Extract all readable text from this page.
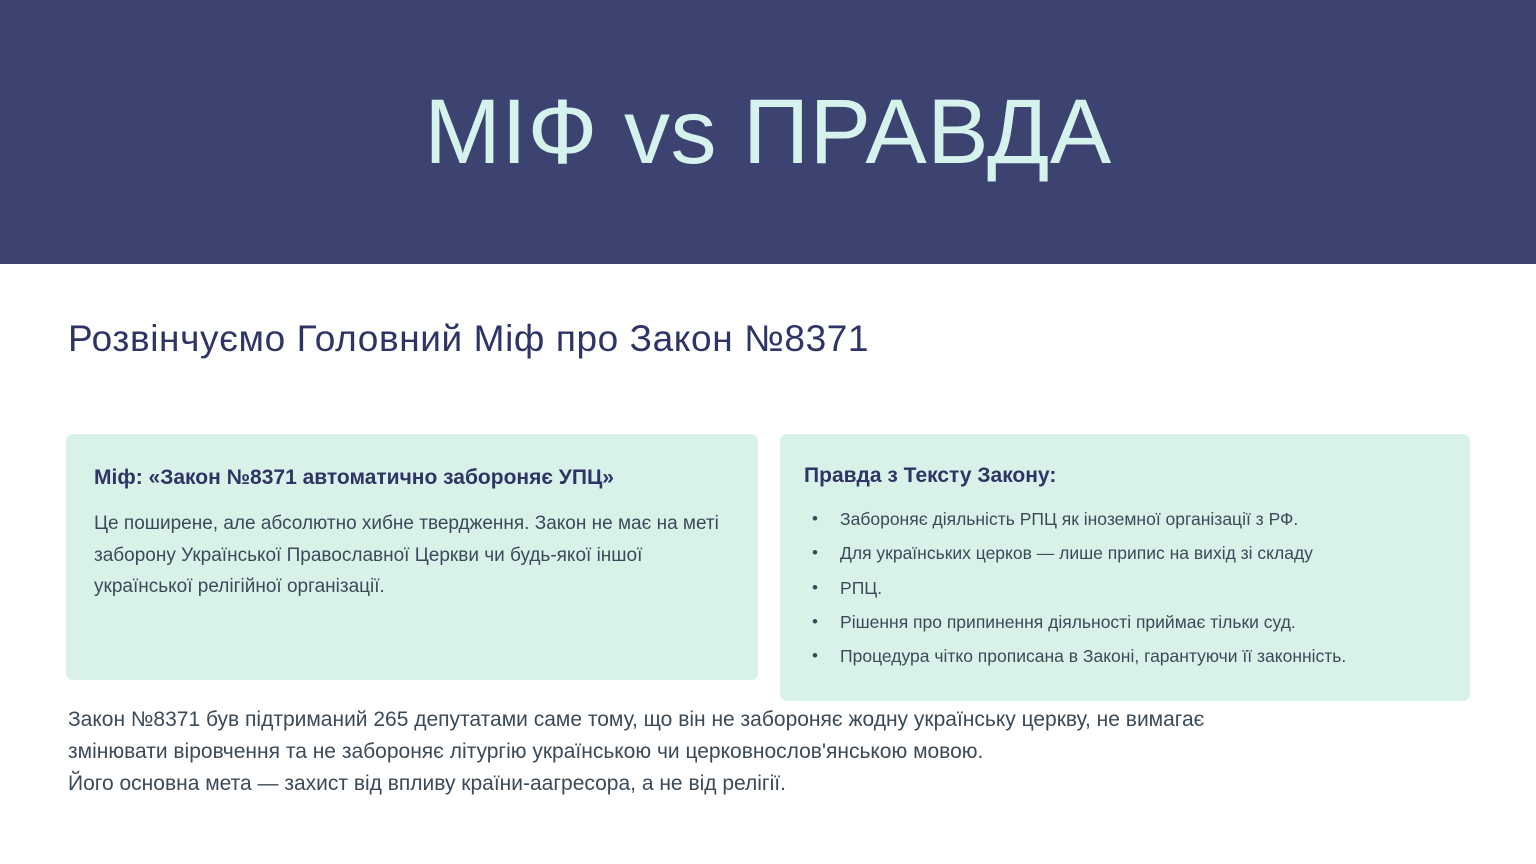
МІФ vs ПРАВДА
Розвінчуємо Головний Міф про Закон №8371
Міф: «Закон №8371 автоматично забороняє УПЦ»

Це поширене, але абсолютно хибне твердження. Закон не має на меті заборону Української Православної Церкви чи будь-якої іншої української релігійної організації.

Правда з Тексту Закону:
• Забороняє діяльність РПЦ як іноземної організації з РФ.
• Для українських церков — лише припис на вихід зі складу
• РПЦ.
• Рішення про припинення діяльності приймає тільки суд.
• Процедура чітко прописана в Законі, гарантуючи її законність.

Закон №8371 був підтриманий 265 депутатами саме тому, що він не забороняє жодну українську церкву, не вимагає

змінювати віровчення та не забороняє літургію українською чи церковнослов'янською мовою.

Його основна мета — захист від впливу країни-аагресора, а не від релігії.
